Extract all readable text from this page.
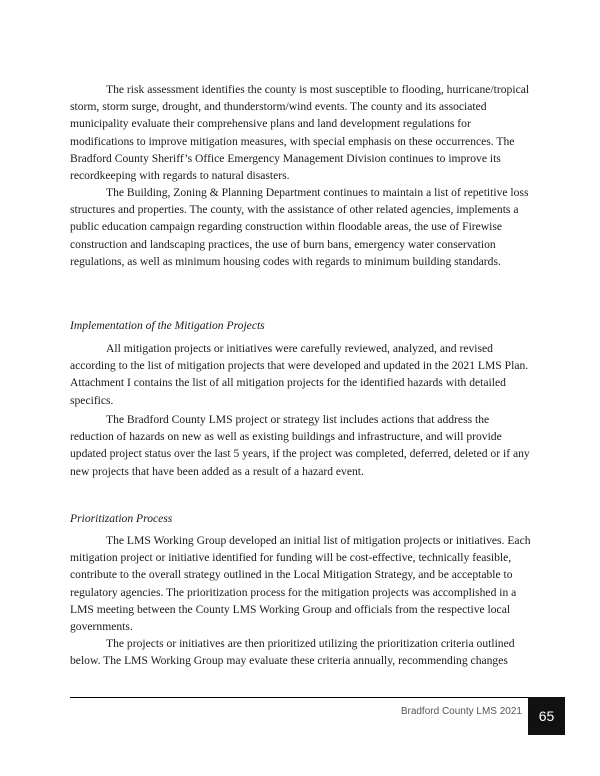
The risk assessment identifies the county is most susceptible to flooding, hurricane/tropical storm, storm surge, drought, and thunderstorm/wind events. The county and its associated municipality evaluate their comprehensive plans and land development regulations for modifications to improve mitigation measures, with special emphasis on these occurrences. The Bradford County Sheriff’s Office Emergency Management Division continues to improve its recordkeeping with regards to natural disasters.

The Building, Zoning & Planning Department continues to maintain a list of repetitive loss structures and properties. The county, with the assistance of other related agencies, implements a public education campaign regarding construction within floodable areas, the use of Firewise construction and landscaping practices, the use of burn bans, emergency water conservation regulations, as well as minimum housing codes with regards to minimum building standards.

Implementation of the Mitigation Projects

All mitigation projects or initiatives were carefully reviewed, analyzed, and revised according to the list of mitigation projects that were developed and updated in the 2021 LMS Plan. Attachment I contains the list of all mitigation projects for the identified hazards with detailed specifics.

The Bradford County LMS project or strategy list includes actions that address the reduction of hazards on new as well as existing buildings and infrastructure, and will provide updated project status over the last 5 years, if the project was completed, deferred, deleted or if any new projects that have been added as a result of a hazard event.

Prioritization Process

The LMS Working Group developed an initial list of mitigation projects or initiatives. Each mitigation project or initiative identified for funding will be cost-effective, technically feasible, contribute to the overall strategy outlined in the Local Mitigation Strategy, and be acceptable to regulatory agencies. The prioritization process for the mitigation projects was accomplished in a LMS meeting between the County LMS Working Group and officials from the respective local governments.

The projects or initiatives are then prioritized utilizing the prioritization criteria outlined below. The LMS Working Group may evaluate these criteria annually, recommending changes

Bradford County LMS 2021	65
